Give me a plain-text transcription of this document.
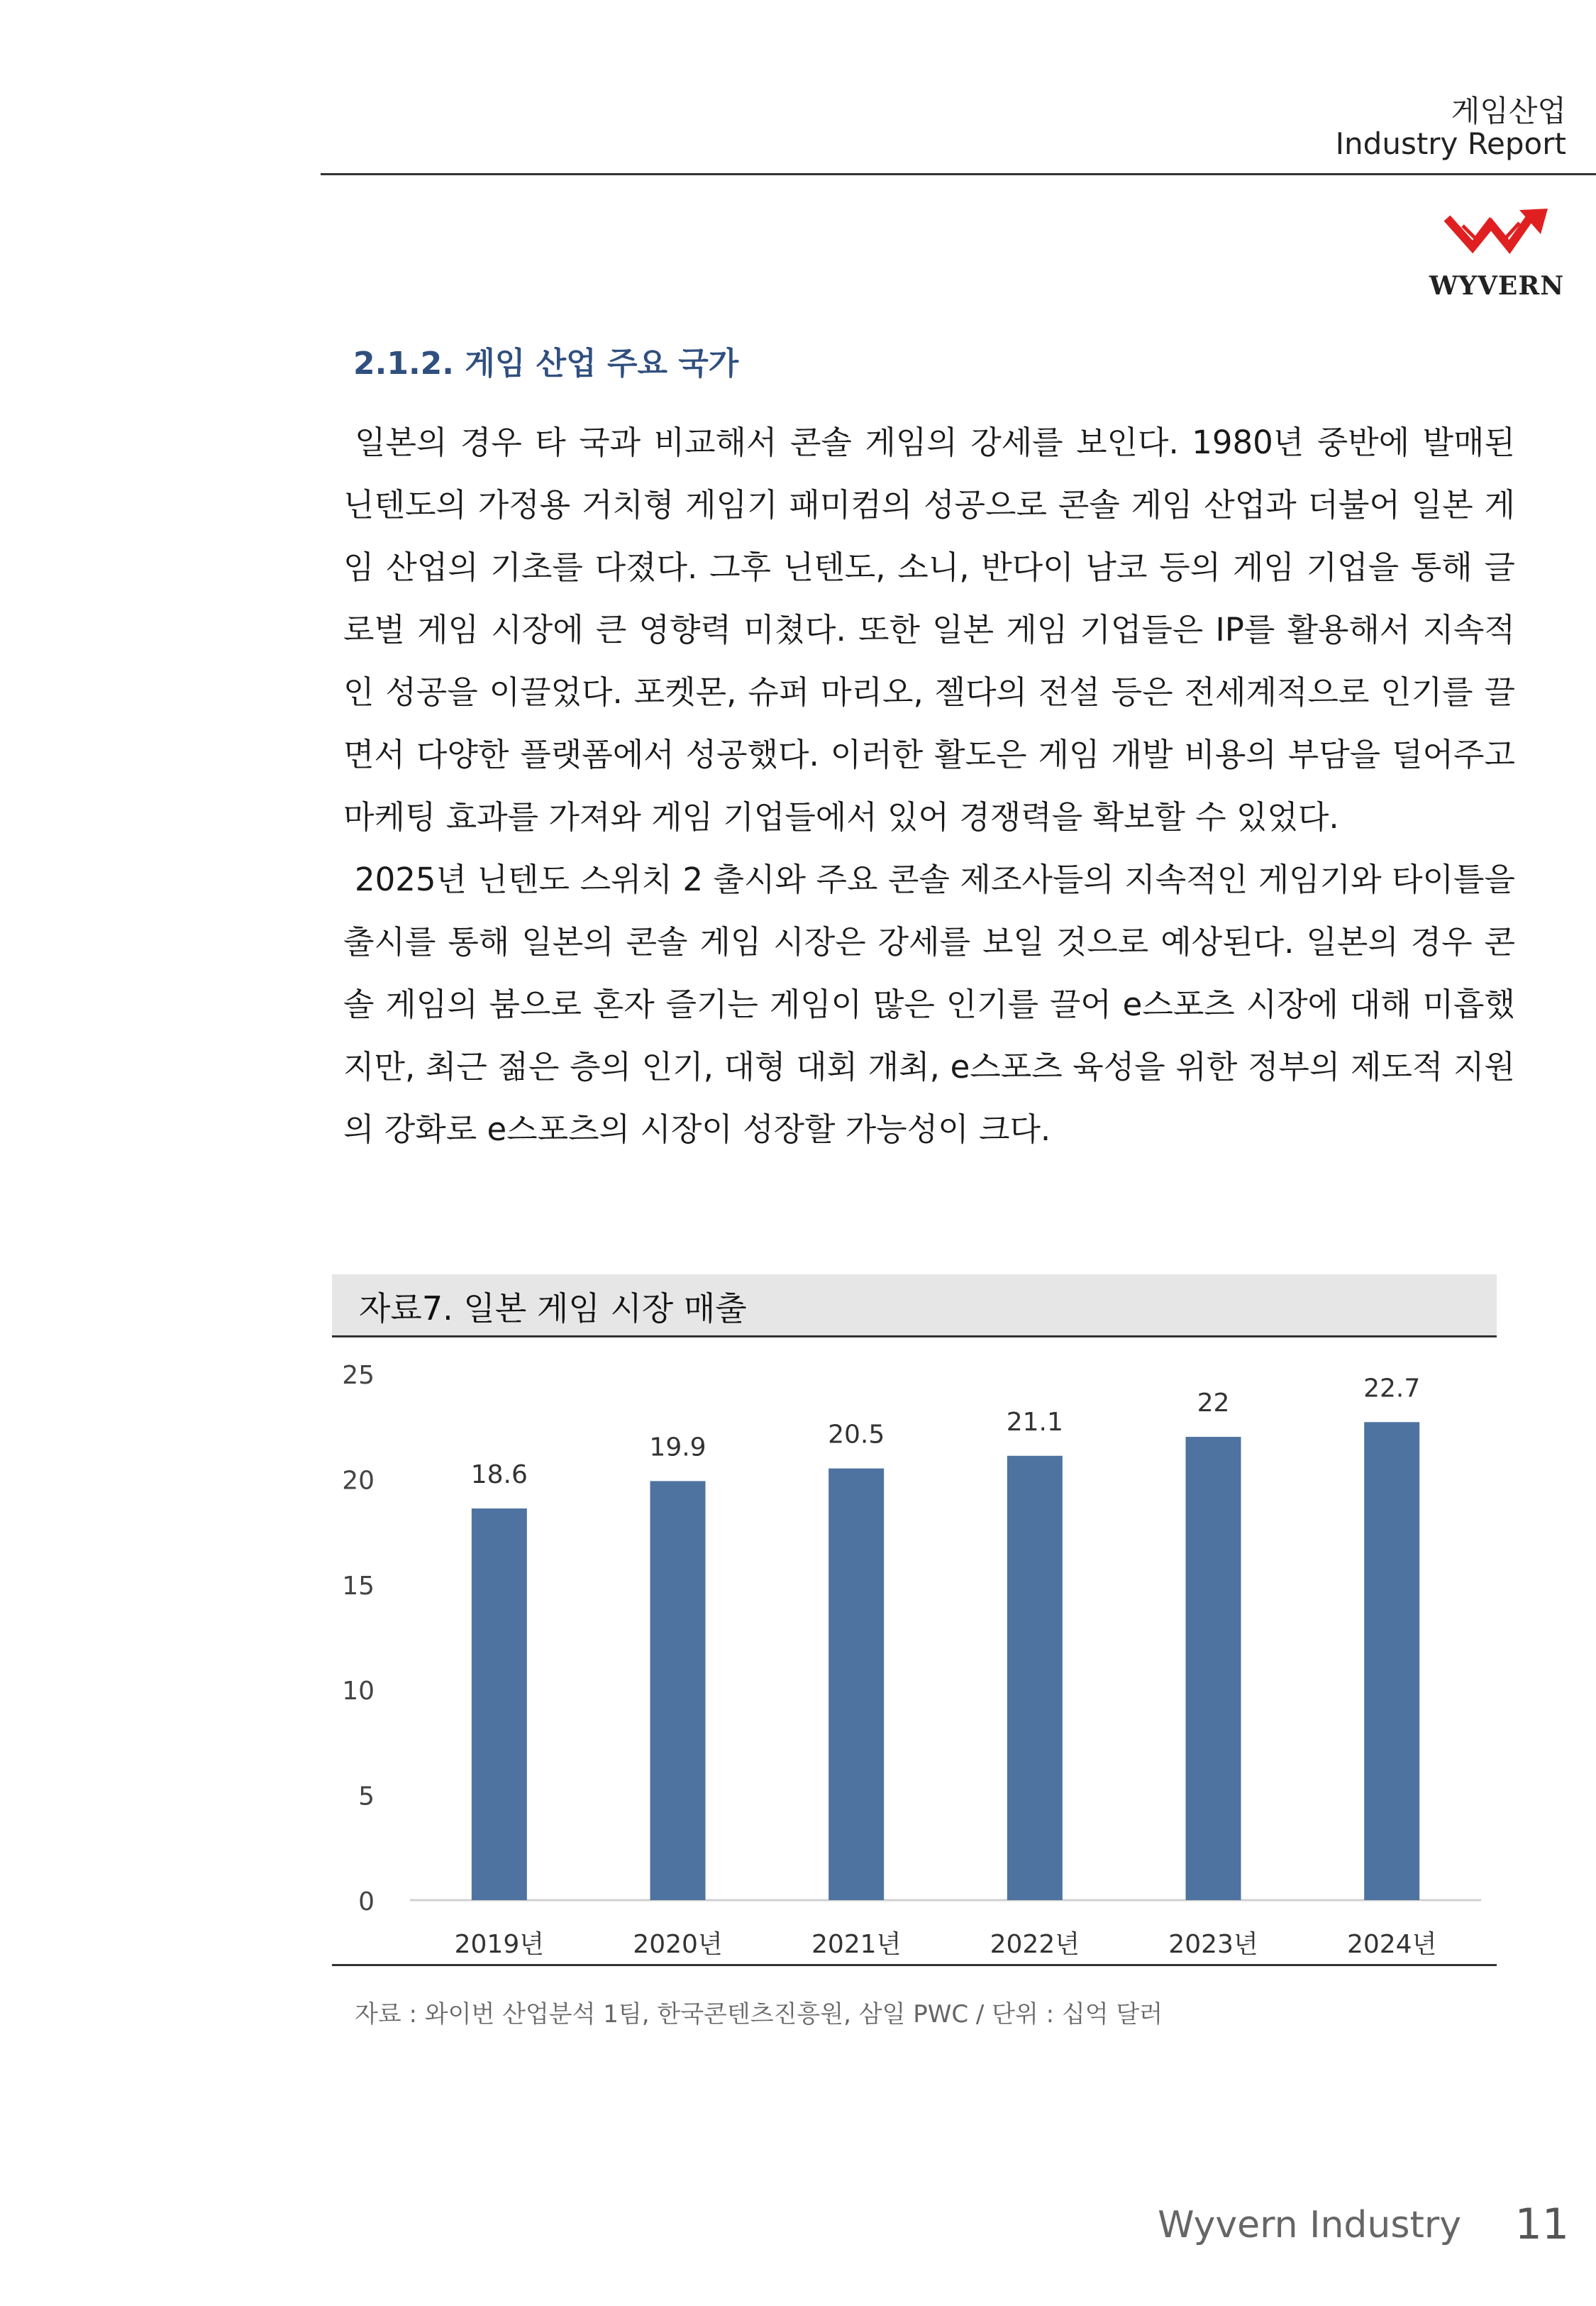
게임산업
Industry Report
WYVERN
2.1.2. 게임 산업 주요 국가

일본의 경우 타 국과 비교해서 콘솔 게임의 강세를 보인다. 1980년 중반에 발매된 닌텐도의 가정용 거치형 게임기 패미컴의 성공으로 콘솔 게임 산업과 더불어 일본 게임 산업의 기초를 다졌다. 그후 닌텐도, 소니, 반다이 남코 등의 게임 기업을 통해 글로벌 게임 시장에 큰 영향력 미쳤다. 또한 일본 게임 기업들은 IP를 활용해서 지속적인 성공을 이끌었다. 포켓몬, 슈퍼 마리오, 젤다의 전설 등은 전세계적으로 인기를 끌면서 다양한 플랫폼에서 성공했다. 이러한 활도은 게임 개발 비용의 부담을 덜어주고 마케팅 효과를 가져와 게임 기업들에서 있어 경쟁력을 확보할 수 있었다.

2025년 닌텐도 스위치 2 출시와 주요 콘솔 제조사들의 지속적인 게임기와 타이틀을 출시를 통해 일본의 콘솔 게임 시장은 강세를 보일 것으로 예상된다. 일본의 경우 콘솔 게임의 붐으로 혼자 즐기는 게임이 많은 인기를 끌어 e스포츠 시장에 대해 미흡했지만, 최근 젊은 층의 인기, 대형 대회 개최, e스포츠 육성을 위한 정부의 제도적 지원의 강화로 e스포츠의 시장이 성장할 가능성이 크다.

자료7. 일본 게임 시장 매출
0
5
10
15
20
25
18.6
2019년
19.9
2020년
20.5
2021년
21.1
2022년
22
2023년
22.7
2024년
자료 : 와이번 산업분석 1팀, 한국콘텐츠진흥원, 삼일 PWC / 단위 : 십억 달러
Wyvern Industry 11
